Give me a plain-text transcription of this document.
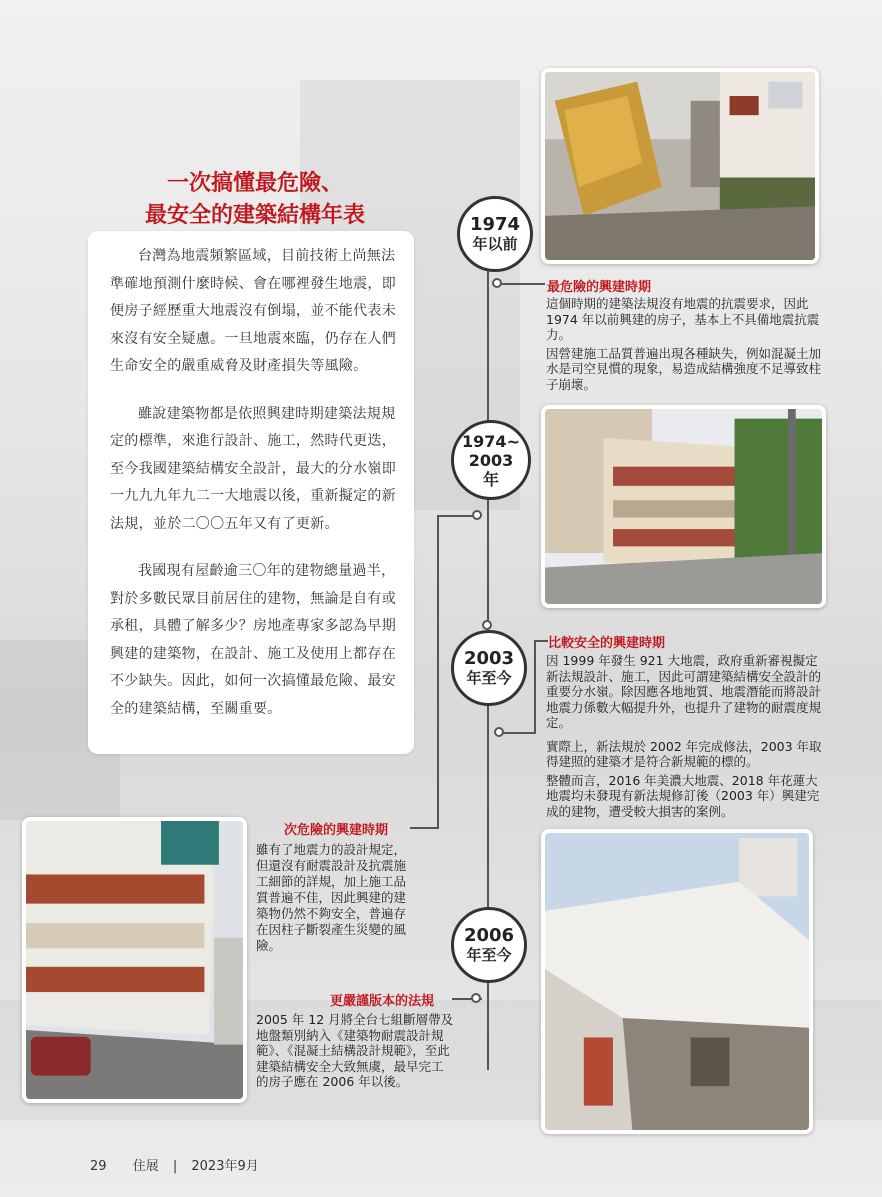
一次搞懂最危險、
最安全的建築結構年表

台灣為地震頻繁區域，目前技術上尚無法準確地預測什麼時候、會在哪裡發生地震，即便房子經歷重大地震沒有倒塌，並不能代表未來沒有安全疑慮。一旦地震來臨，仍存在人們生命安全的嚴重威脅及財產損失等風險。

雖說建築物都是依照興建時期建築法規規定的標準，來進行設計、施工，然時代更迭，至今我國建築結構安全設計，最大的分水嶺即一九九九年九二一大地震以後，重新擬定的新法規，並於二〇〇五年又有了更新。

我國現有屋齡逾三〇年的建物總量過半，對於多數民眾目前居住的建物，無論是自有或承租，具體了解多少？房地產專家多認為早期興建的建築物，在設計、施工及使用上都存在不少缺失。因此，如何一次搞懂最危險、最安全的建築結構，至關重要。

1974
年以前
1974~
2003
年
2003
年至今
2006
年至今
最危險的興建時期

這個時期的建築法規沒有地震的抗震要求，因此 1974 年以前興建的房子，基本上不具備地震抗震力。

因營建施工品質普遍出現各種缺失，例如混凝土加水是司空見慣的現象，易造成結構強度不足導致柱子崩壞。

次危險的興建時期

雖有了地震力的設計規定，但還沒有耐震設計及抗震施工細節的詳規，加上施工品質普遍不佳，因此興建的建築物仍然不夠安全，普遍存在因柱子斷裂產生災變的風險。

比較安全的興建時期

因 1999 年發生 921 大地震，政府重新審視擬定新法規設計、施工，因此可謂建築結構安全設計的重要分水嶺。除因應各地地質、地震潛能而將設計地震力係數大幅提升外，也提升了建物的耐震度規定。

實際上，新法規於 2002 年完成修法，2003 年取得建照的建築才是符合新規範的標的。

整體而言，2016 年美濃大地震、2018 年花蓮大地震均未發現有新法規修訂後（2003 年）興建完成的建物，遭受較大損害的案例。

更嚴謹版本的法規

2005 年 12 月將全台七組斷層帶及地盤類別納入《建築物耐震設計規範》、《混凝土結構設計規範》，至此建築結構安全大致無虞，最早完工的房子應在 2006 年以後。

29 住展 | 2023年9月
